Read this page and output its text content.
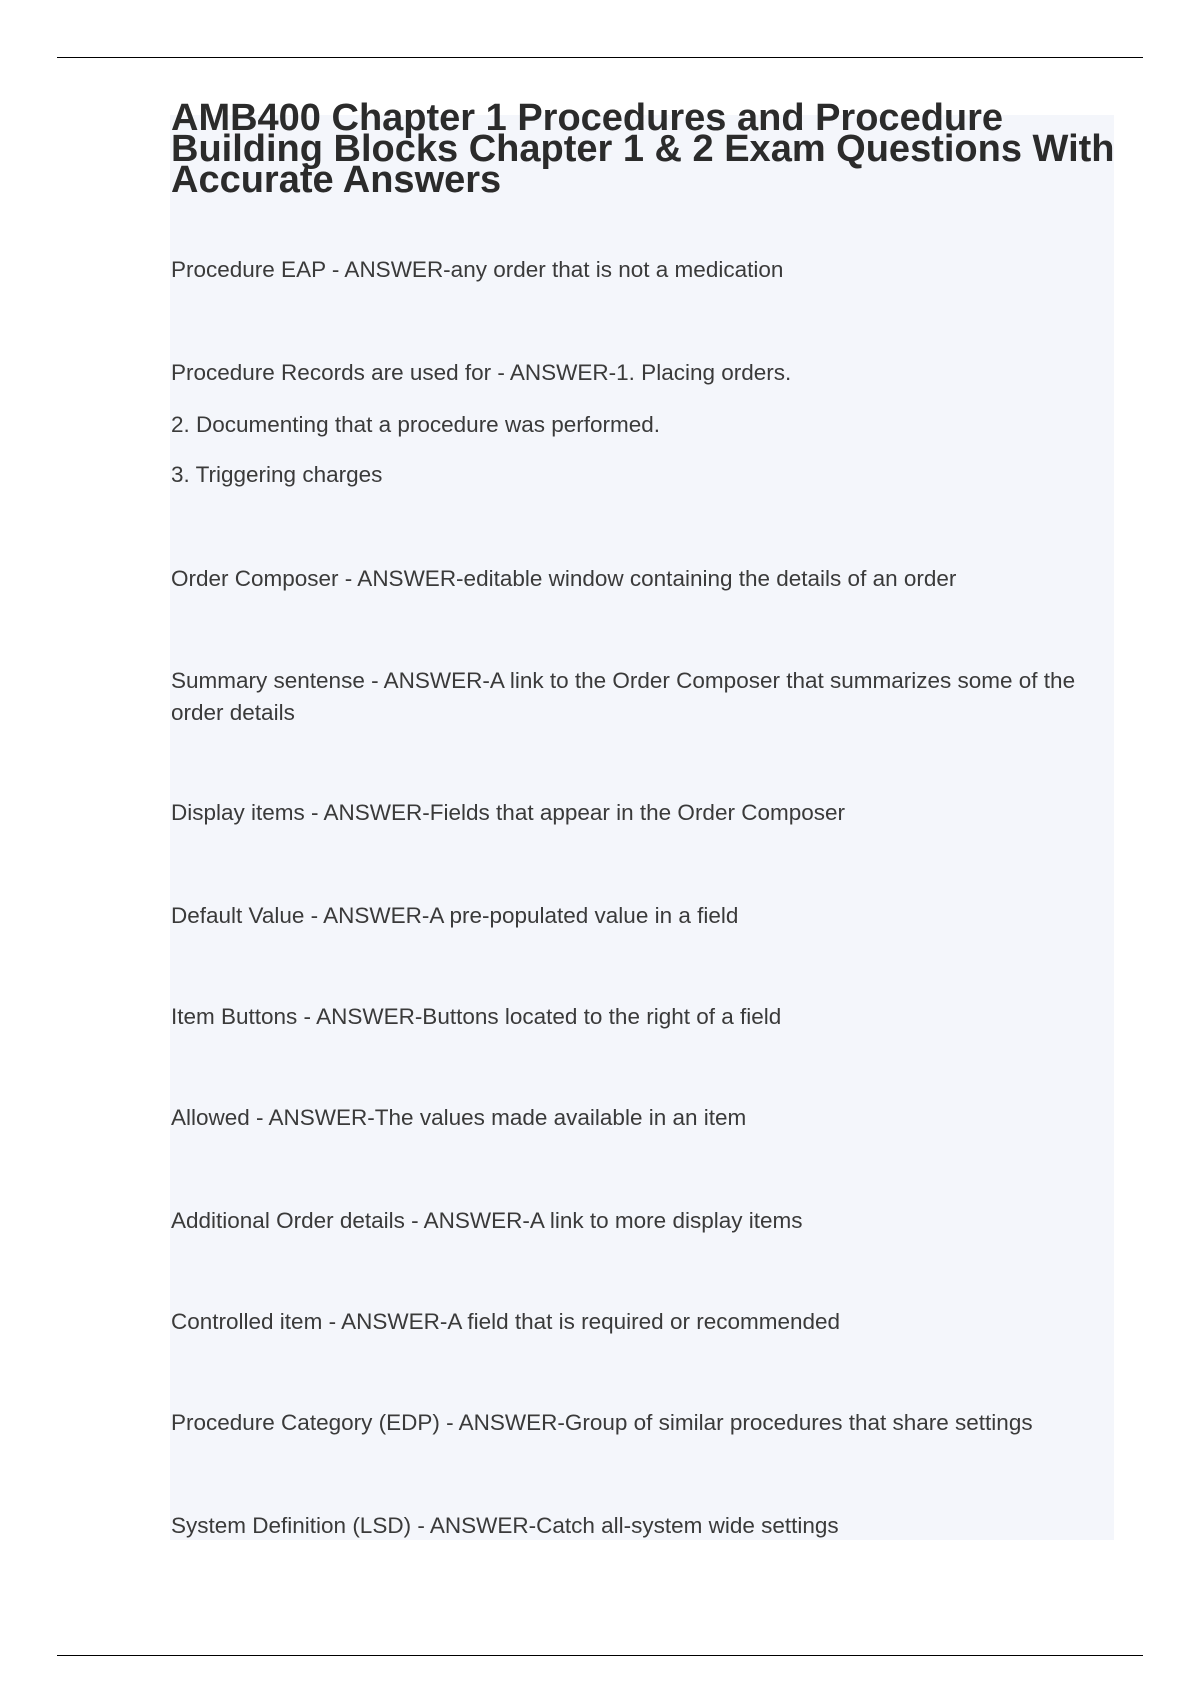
AMB400 Chapter 1 Procedures and Procedure Building Blocks Chapter 1 & 2 Exam Questions With Accurate Answers

Procedure EAP - ANSWER-any order that is not a medication

Procedure Records are used for - ANSWER-1. Placing orders.

2. Documenting that a procedure was performed.

3. Triggering charges

Order Composer - ANSWER-editable window containing the details of an order

Summary sentense - ANSWER-A link to the Order Composer that summarizes some of the order details

Display items - ANSWER-Fields that appear in the Order Composer

Default Value - ANSWER-A pre-populated value in a field

Item Buttons - ANSWER-Buttons located to the right of a field

Allowed - ANSWER-The values made available in an item

Additional Order details - ANSWER-A link to more display items

Controlled item - ANSWER-A field that is required or recommended

Procedure Category (EDP) - ANSWER-Group of similar procedures that share settings

System Definition (LSD) - ANSWER-Catch all-system wide settings
